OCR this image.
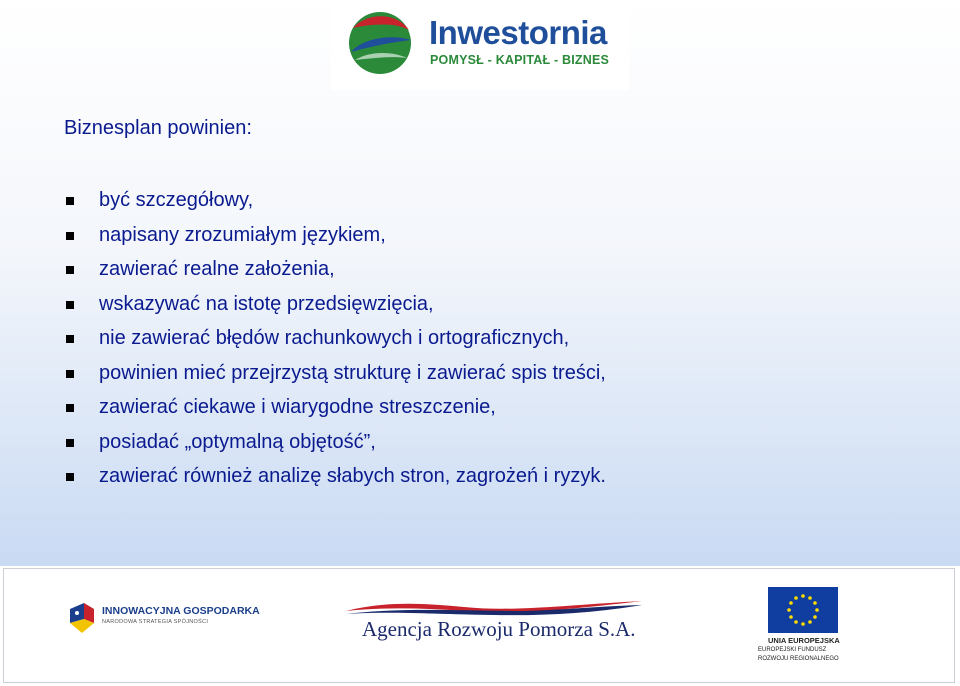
Inwestornia
POMYSŁ - KAPITAŁ - BIZNES
Biznesplan powinien:
być szczegółowy,
napisany zrozumiałym językiem,
zawierać realne założenia,
wskazywać na istotę przedsięwzięcia,
nie zawierać błędów rachunkowych i ortograficznych,
powinien mieć przejrzystą strukturę i zawierać spis treści,
zawierać ciekawe i wiarygodne streszczenie,
posiadać „optymalną objętość”,
zawierać również analizę słabych stron, zagrożeń i ryzyk.
INNOWACYJNA GOSPODARKA
NARODOWA STRATEGIA SPÓJNOŚCI	Agencja Rozwoju Pomorza S.A.	UNIA EUROPEJSKA
EUROPEJSKI FUNDUSZ
ROZWOJU REGIONALNEGO
